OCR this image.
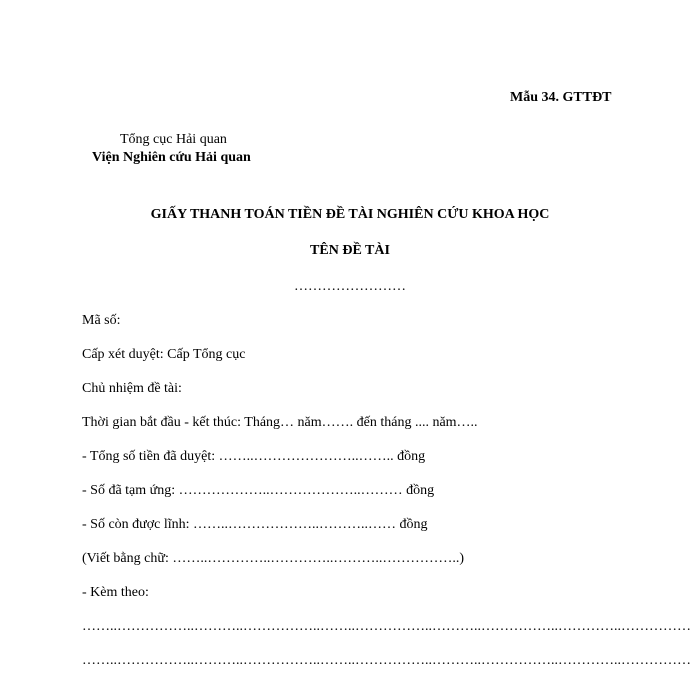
Mẫu 34. GTTĐT
Tổng cục Hải quan
Viện Nghiên cứu Hải quan
GIẤY THANH TOÁN TIỀN ĐỀ TÀI NGHIÊN CỨU KHOA HỌC
TÊN ĐỀ TÀI
……………………
Mã số:
Cấp xét duyệt: Cấp Tổng cục
Chủ nhiệm đề tài:
Thời gian bắt đầu - kết thúc: Tháng… năm……. đến tháng .... năm…..
- Tổng số tiền đã duyệt: ……..…………………..…….. đồng
- Số đã tạm ứng: ………………..………………..……… đồng
- Số còn được lĩnh: ……..………………..………..…… đồng
(Viết bằng chữ: ……..…………..…………..………..……………..)
- Kèm theo:
……..……………..………..……………..……..……………..………..……………..…………..……………
……..……………..………..……………..……..……………..………..……………..…………..……………
